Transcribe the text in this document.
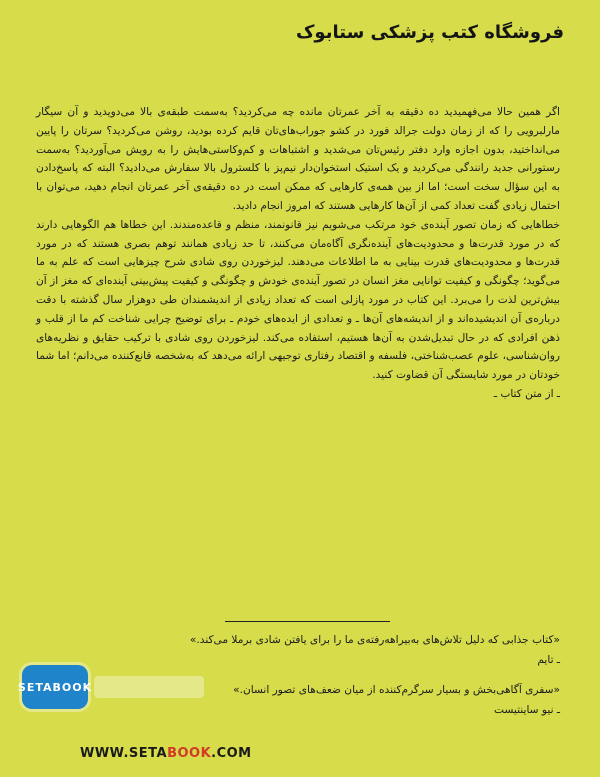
فروشگاه کتب پزشکی ستابوک

اگر همین حالا می‌فهمیدید ده دقیقه به آخر عمرتان مانده چه می‌کردید؟ به‌سمت طبقه‌ی بالا می‌دویدید و آن سیگار مارلبرویی را که از زمان دولت جرالد فورد در کشو جوراب‌های‌تان قایم کرده بودید، روشن می‌کردید؟ سرتان را پایین می‌انداختید، بدون اجازه وارد دفتر رئیس‌تان می‌شدید و اشتباهات و کم‌وکاستی‌هایش را به رویش می‌آوردید؟ به‌سمت رستورانی جدید رانندگی می‌کردید و یک استیک استخوان‌دار نیم‌پز با کلسترول بالا سفارش می‌دادید؟ البته که پاسخ‌دادن به این سؤال سخت است؛ اما از بین همه‌ی کارهایی که ممکن است در ده دقیقه‌ی آخر عمرتان انجام دهید، می‌توان با احتمال زیادی گفت تعداد کمی از آن‌ها کارهایی هستند که امروز انجام دادید.

خطاهایی که زمان تصور آینده‌ی خود مرتکب می‌شویم نیز قانونمند، منظم و قاعده‌مندند. این خطاها هم الگوهایی دارند که در مورد قدرت‌ها و محدودیت‌های آینده‌نگری آگاه‌مان می‌کنند، تا حد زیادی همانند توهم بصری هستند که در مورد قدرت‌ها و محدودیت‌های قدرت بینایی به ما اطلاعات می‌دهند. لیزخوردن روی شادی شرح چیزهایی است که علم به ما می‌گوید؛ چگونگی و کیفیت توانایی مغز انسان در تصور آینده‌ی خودش و چگونگی و کیفیت پیش‌بینی آینده‌ای که مغز از آن بیش‌ترین لذت را می‌برد. این کتاب در مورد پازلی است که تعداد زیادی از اندیشمندان طی دوهزار سال گذشته با دقت درباره‌ی آن اندیشیده‌اند و از اندیشه‌های آن‌ها ـ و تعدادی از ایده‌های خودم ـ برای توضیح چرایی شناخت کم ما از قلب و ذهن افرادی که در حال تبدیل‌شدن به آن‌ها هستیم، استفاده می‌کند. لیزخوردن روی شادی با ترکیب حقایق و نظریه‌های روان‌شناسی، علوم عصب‌شناختی، فلسفه و اقتصاد رفتاری توجیهی ارائه می‌دهد که به‌شخصه قانع‌کننده می‌دانم؛ اما شما خودتان در مورد شایستگی آن قضاوت کنید.

ـ از متن کتاب ـ

«کتاب جذابی که دلیل تلاش‌های به‌بیراهه‌رفته‌ی ما را برای یافتن شادی برملا می‌کند.»
ـ تایم
«سفری آگاهی‌بخش و بسیار سرگرم‌کننده از میان ضعف‌های تصور انسان.»
ـ نیو ساینتیست
SETABOOK
WWW.SETABOOK.COM
